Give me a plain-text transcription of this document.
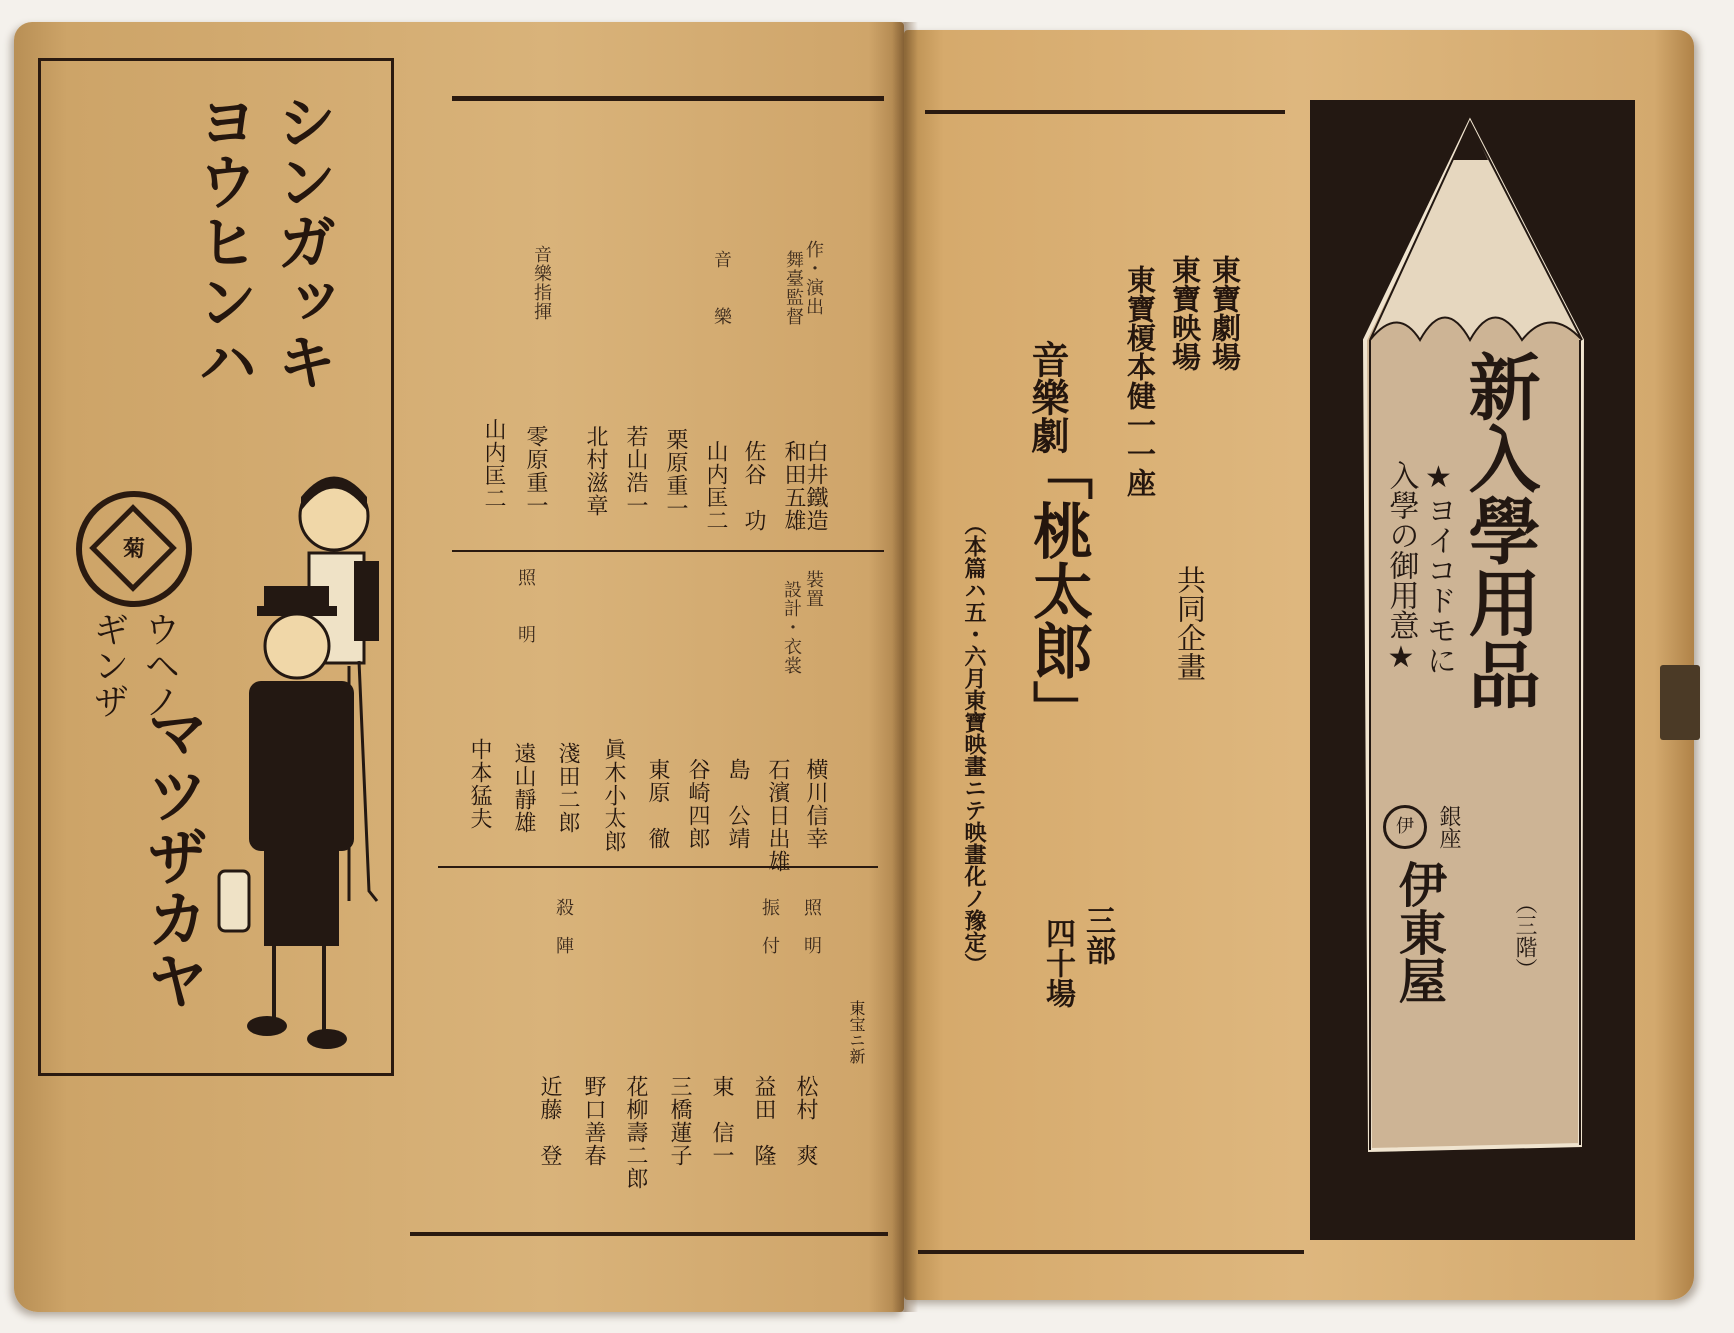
シンガッキ
ヨウヒンハ
菊
ウヘノ
ギンザ
マツザカヤ
作・演出
白井鐵造
舞臺監督
和田五雄
佐谷　功
音　　樂
山内匡二
栗原重一
若山浩一
北村滋章
音樂指揮
零原重一
山内匡二
裝置
横川信幸
設計・衣裳
石濱日出雄
島　公靖
谷崎四郎
東原　徹
眞木小太郎
淺田二郎
照　　明
遠山靜雄
中本猛夫
照　明
松村　爽
振　付
益田　隆
東　信一
三橋蓮子
花柳壽二郎
殺　陣
野口善春
近藤　登
東宝ニ新
東寶劇場
東寶映場
共同企畫
東寶榎本健一一座
音樂劇
「桃太郎」
三部
四十場
（本篇ハ五・六月東寶映畫ニテ映畫化ノ豫定）	新入學用品
★ヨイコドモに
入學の御用意★
（三階）
伊	銀座
伊東屋
